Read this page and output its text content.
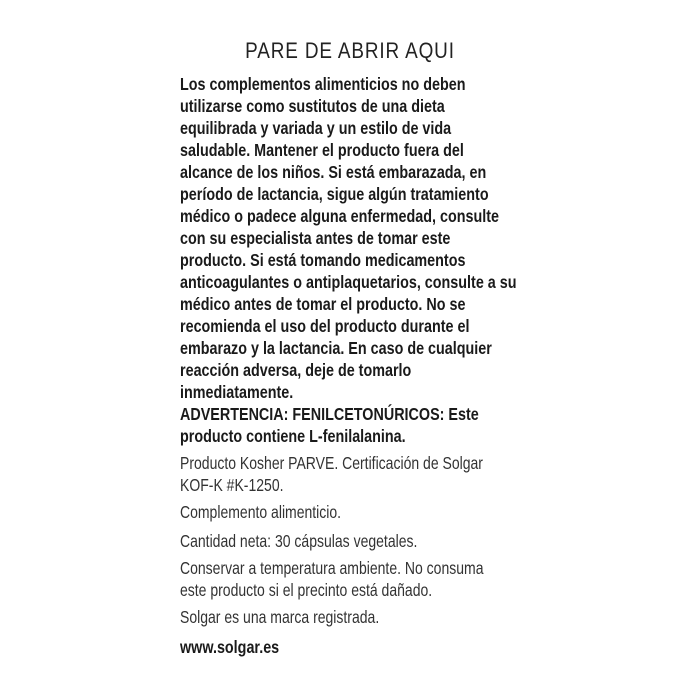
PARE DE ABRIR AQUI
Los complementos alimenticios no deben
utilizarse como sustitutos de una dieta
equilibrada y variada y un estilo de vida
saludable. Mantener el producto fuera del
alcance de los niños. Si está embarazada, en
período de lactancia, sigue algún tratamiento
médico o padece alguna enfermedad, consulte
con su especialista antes de tomar este
producto. Si está tomando medicamentos
anticoagulantes o antiplaquetarios, consulte a su
médico antes de tomar el producto. No se
recomienda el uso del producto durante el
embarazo y la lactancia. En caso de cualquier
reacción adversa, deje de tomarlo
inmediatamente.
ADVERTENCIA: FENILCETONÚRICOS: Este
producto contiene L-fenilalanina.
Producto Kosher PARVE. Certificación de Solgar
KOF-K #K-1250.
Complemento alimenticio.
Cantidad neta: 30 cápsulas vegetales.
Conservar a temperatura ambiente. No consuma
este producto si el precinto está dañado.
Solgar es una marca registrada.
www.solgar.es
